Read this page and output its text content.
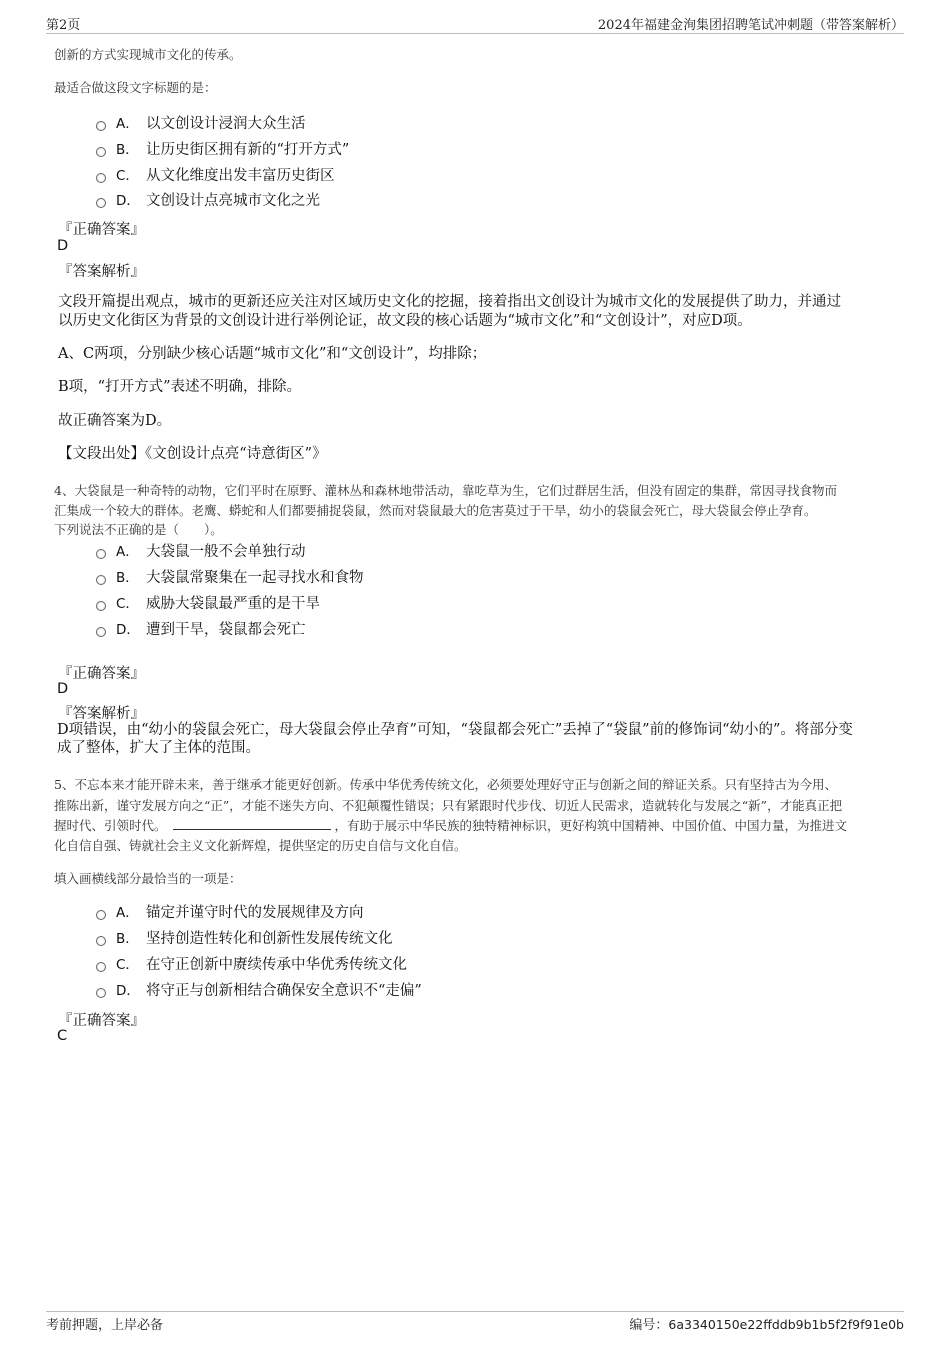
第2页	2024年福建金洵集团招聘笔试冲刺题（带答案解析）
创新的方式实现城市文化的传承。
最适合做这段文字标题的是：
A． 以文创设计浸润大众生活
B． 让历史街区拥有新的“打开方式”
C． 从文化维度出发丰富历史街区
D． 文创设计点亮城市文化之光
『正确答案』
D
『答案解析』
文段开篇提出观点，城市的更新还应关注对区域历史文化的挖掘，接着指出文创设计为城市文化的发展提供了助力，并通过
以历史文化街区为背景的文创设计进行举例论证，故文段的核心话题为“城市文化”和“文创设计”，对应D项。
A、C两项，分别缺少核心话题“城市文化”和“文创设计”，均排除；
B项，“打开方式”表述不明确，排除。
故正确答案为D。
【文段出处】《文创设计点亮“诗意街区”》
4、大袋鼠是一种奇特的动物，它们平时在原野、灌林丛和森林地带活动，靠吃草为生，它们过群居生活，但没有固定的集群，常因寻找食物而
汇集成一个较大的群体。老鹰、蟒蛇和人们都要捕捉袋鼠，然而对袋鼠最大的危害莫过于干旱，幼小的袋鼠会死亡，母大袋鼠会停止孕育。
下列说法不正确的是（　　）。
A． 大袋鼠一般不会单独行动
B． 大袋鼠常聚集在一起寻找水和食物
C． 威胁大袋鼠最严重的是干旱
D． 遭到干旱，袋鼠都会死亡
『正确答案』
D
『答案解析』
D项错误，由“幼小的袋鼠会死亡，母大袋鼠会停止孕育”可知，“袋鼠都会死亡”丢掉了“袋鼠”前的修饰词“幼小的”。将部分变
成了整体，扩大了主体的范围。
5、不忘本来才能开辟未来，善于继承才能更好创新。传承中华优秀传统文化，必须要处理好守正与创新之间的辩证关系。只有坚持古为今用、
推陈出新，谨守发展方向之“正”，才能不迷失方向、不犯颠覆性错误；只有紧跟时代步伐、切近人民需求，造就转化与发展之“新”，才能真正把
握时代、引领时代。	，有助于展示中华民族的独特精神标识，更好构筑中国精神、中国价值、中国力量，为推进文
化自信自强、铸就社会主义文化新辉煌，提供坚定的历史自信与文化自信。
填入画横线部分最恰当的一项是：
A． 锚定并谨守时代的发展规律及方向
B． 坚持创造性转化和创新性发展传统文化
C． 在守正创新中赓续传承中华优秀传统文化
D． 将守正与创新相结合确保安全意识不“走偏”
『正确答案』
C
考前押题，上岸必备	编号：6a3340150e22ffddb9b1b5f2f9f91e0b
